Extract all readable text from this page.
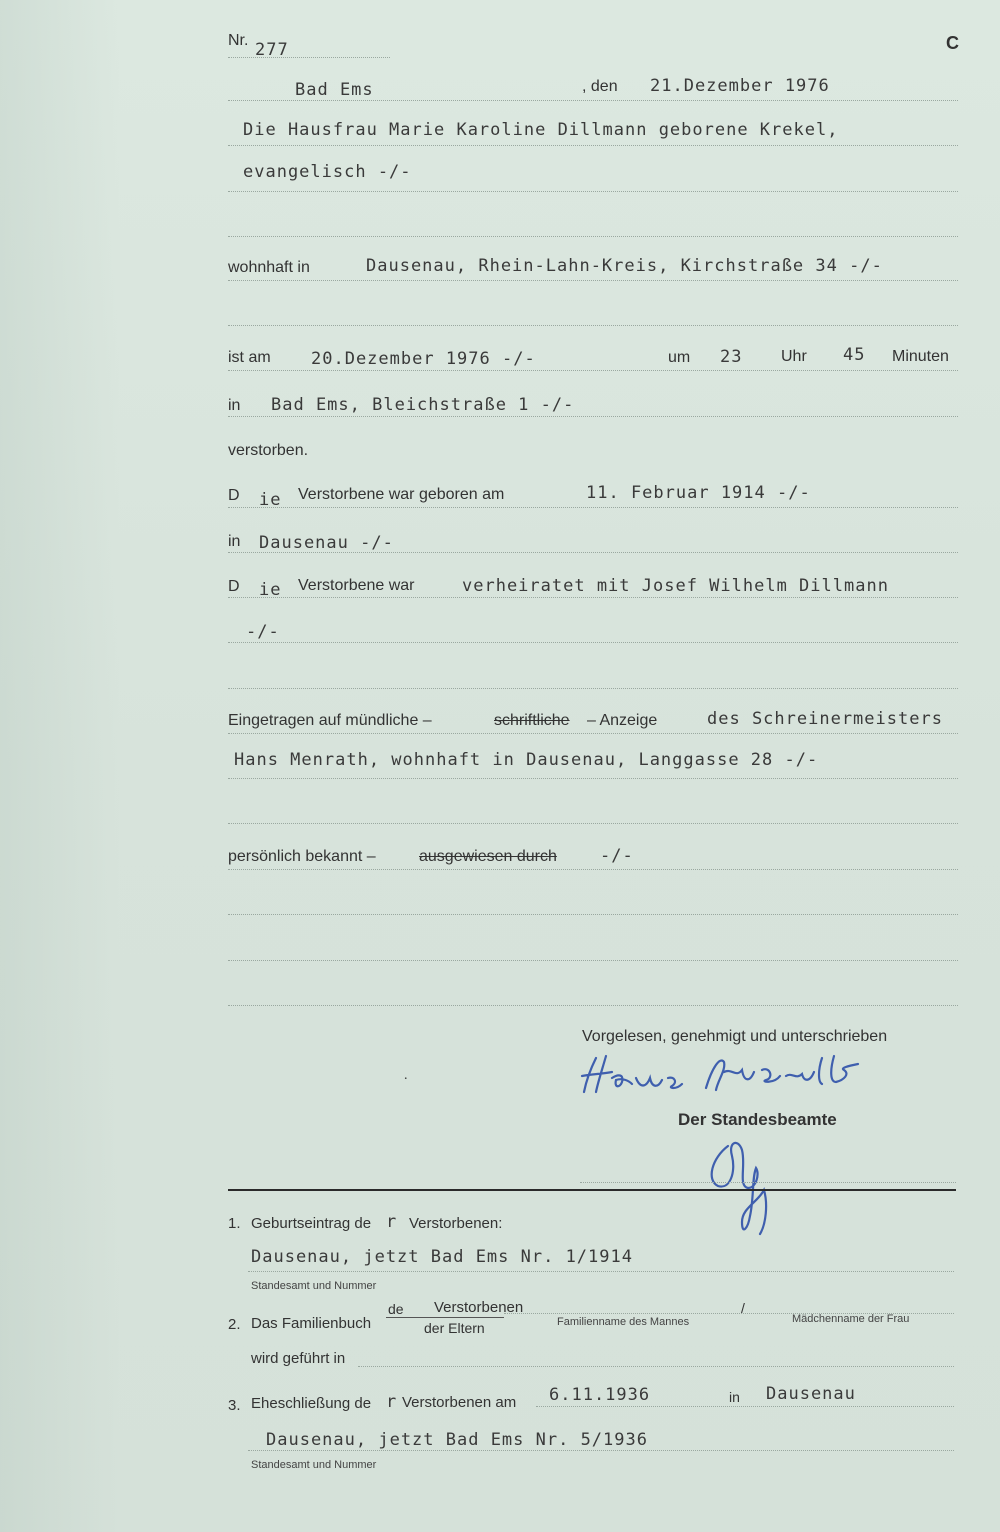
Nr. 277	C
Bad Ems	, den 21.Dezember 1976
Die Hausfrau Marie Karoline Dillmann geborene Krekel,
evangelisch -/-
wohnhaft in	Dausenau, Rhein-Lahn-Kreis, Kirchstraße 34 -/-
ist am 20.Dezember 1976 -/-	um 23 Uhr 45 Minuten
in Bad Ems, Bleichstraße 1 -/-
verstorben.
D ie Verstorbene war geboren am	11. Februar 1914 -/-
in Dausenau -/-
D ie Verstorbene war	verheiratet mit Josef Wilhelm Dillmann
-/-
Eingetragen auf mündliche –	schriftliche – Anzeige	des Schreinermeisters
Hans Menrath, wohnhaft in Dausenau, Langgasse 28 -/-
persönlich bekannt –	ausgewiesen durch	-/-
Vorgelesen, genehmigt und unterschrieben
.
Der Standesbeamte
1. Geburtseintrag de r Verstorbenen:
Dausenau, jetzt Bad Ems Nr. 1/1914
Standesamt und Nummer
2. Das Familienbuch
de Verstorbenen
der Eltern	Familienname des Mannes
/
Mädchenname der Frau
wird geführt in
3. Eheschließung de r Verstorbenen am 6.11.1936	in Dausenau
Dausenau, jetzt Bad Ems Nr. 5/1936
Standesamt und Nummer
